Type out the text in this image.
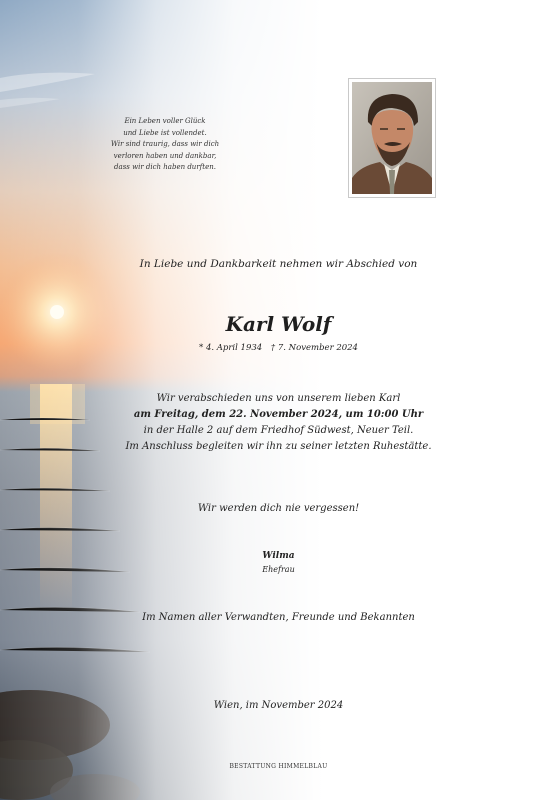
Ein Leben voller Glück
und Liebe ist vollendet.
Wir sind traurig, dass wir dich
verloren haben und dankbar,
dass wir dich haben durften.

In Liebe und Dankbarkeit nehmen wir Abschied von

Karl Wolf

* 4. April 1934 † 7. November 2024

Wir verabschieden uns von unserem lieben Karl
am Freitag, dem 22. November 2024, um 10:00 Uhr
in der Halle 2 auf dem Friedhof Südwest, Neuer Teil.
Im Anschluss begleiten wir ihn zu seiner letzten Ruhestätte.

Wir werden dich nie vergessen!

Wilma

Ehefrau

Im Namen aller Verwandten, Freunde und Bekannten

Wien, im November 2024

BESTATTUNG HIMMELBLAU
